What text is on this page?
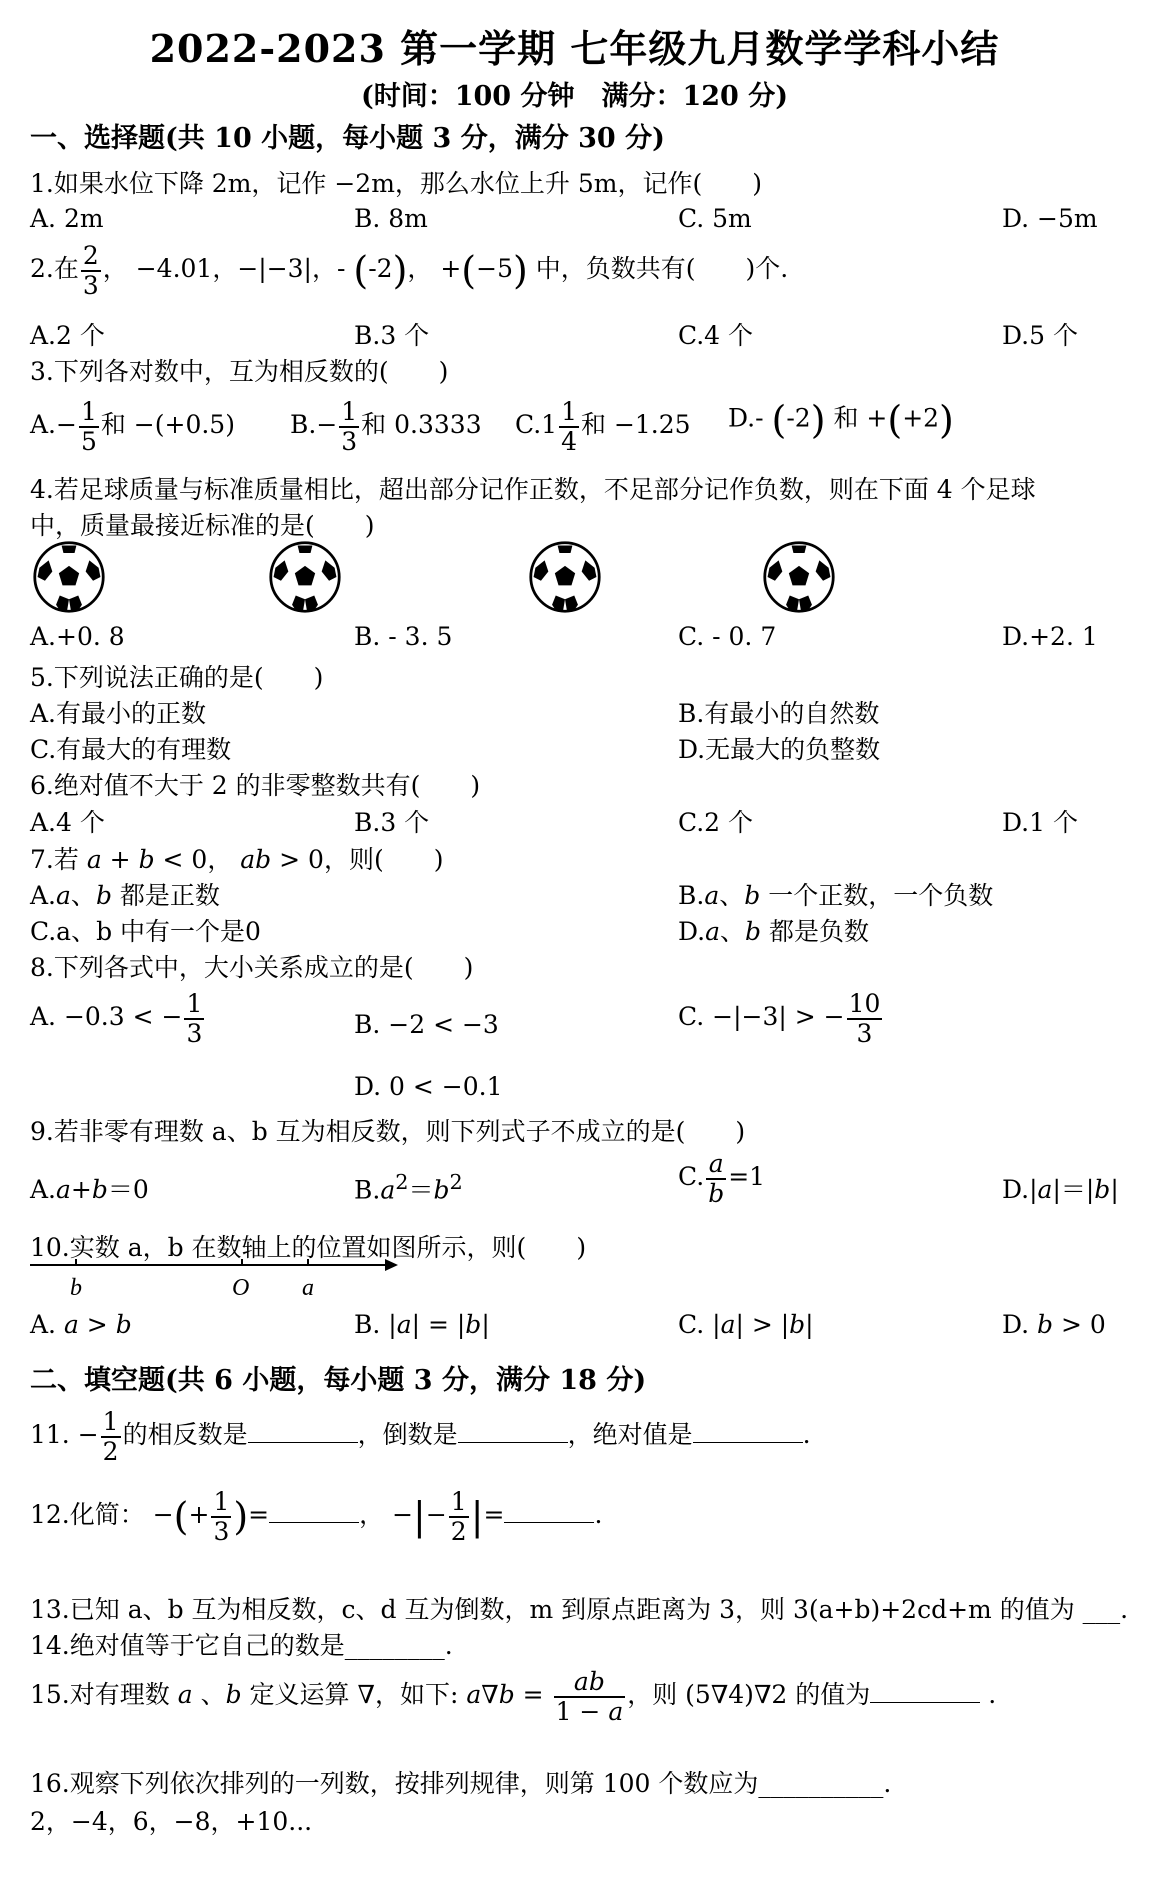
2022-2023 第一学期 七年级九月数学学科小结
(时间：100 分钟　满分：120 分)
一、选择题(共 10 小题，每小题 3 分，满分 30 分)
1.如果水位下降 2m，记作 −2m，那么水位上升 5m，记作(　　)
A. 2m	B. 8m	C. 5m	D. −5m
2.在 $\frac{2}{3}$ ， −4.01，−|−3|，- (-2)， +(−5) 中，负数共有(　　)个.
A.2 个	B.3 个	C.4 个	D.5 个
3.下列各对数中，互为相反数的(　　)
$A.- \frac{1}{5}$ 和 −(+0.5) $B.- \frac{1}{3}$ 和 0.3333 $C.1 \frac{1}{4}$ 和 −1.25 D.- (-2) 和 +(+2)
4.若足球质量与标准质量相比，超出部分记作正数，不足部分记作负数，则在下面 4 个足球
中，质量最接近标准的是(　　)
A.+0. 8	B. - 3. 5	C. - 0. 7	D.+2. 1
5.下列说法正确的是(　　)
A.有最小的正数	B.有最小的自然数
C.有最大的有理数	D.无最大的负整数
6.绝对值不大于 2 的非零整数共有(　　)
A.4 个	B.3 个	C.2 个	D.1 个
7.若 a + b < 0， ab > 0，则(　　)
A.a、b 都是正数	B.a、b 一个正数，一个负数
C.a、b 中有一个是0	D.a、b 都是负数
8.下列各式中，大小关系成立的是(　　)
A. −0.3 < − $\frac{1}{3}$	B. −2 < −3	C. −|−3| > − $\frac{10}{3}$
D. 0 < −0.1
9.若非零有理数 a、b 互为相反数，则下列式子不成立的是(　　)
A.a+b＝0	$B.a^2=b^2$	C. $\frac{a}{b} =1$	D.|a|＝|b|
10.实数 a，b 在数轴上的位置如图所示，则(　　)
b	O a
A. a > b	B. |a| = |b|	C. |a| > |b|	D. b > 0
二、填空题(共 6 小题，每小题 3 分，满分 18 分)
11. − $\frac{1}{2}$ 的相反数是	，倒数是	，绝对值是	.
12.化简： −(+ $\frac{1}{3}$ )=	， −|− $\frac{1}{2}$ |=	.
13.已知 a、b 互为相反数，c、d 互为倒数，m 到原点距离为 3，则 3(a+b)+2cd+m 的值为 ___.
14.绝对值等于它自己的数是________.
15.对有理数 a 、b 定义运算 ∇，如下: $a\nabla b = \frac{ab}{1 - a}$ ，则 (5∇4)∇2 的值为	.
16.观察下列依次排列的一列数，按排列规律，则第 100 个数应为__________.
2，−4，6，−8，+10...
